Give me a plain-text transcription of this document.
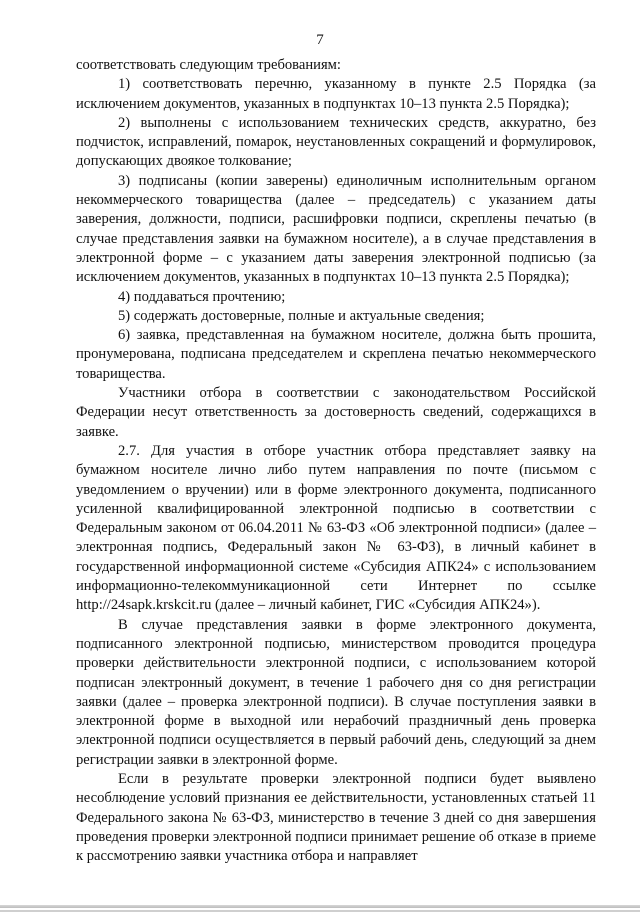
7

соответствовать следующим требованиям:

1) соответствовать перечню, указанному в пункте 2.5 Порядка (за исключением документов, указанных в подпунктах 10–13 пункта 2.5 Порядка);

2) выполнены с использованием технических средств, аккуратно, без подчисток, исправлений, помарок, неустановленных сокращений и формулировок, допускающих двоякое толкование;

3) подписаны (копии заверены) единоличным исполнительным органом некоммерческого товарищества (далее – председатель) с указанием даты заверения, должности, подписи, расшифровки подписи, скреплены печатью (в случае представления заявки на бумажном носителе), а в случае представления в электронной форме – с указанием даты заверения электронной подписью (за исключением документов, указанных в подпунктах 10–13 пункта 2.5 Порядка);

4) поддаваться прочтению;

5) содержать достоверные, полные и актуальные сведения;

6) заявка, представленная на бумажном носителе, должна быть прошита, пронумерована, подписана председателем и скреплена печатью некоммерческого товарищества.

Участники отбора в соответствии с законодательством Российской Федерации несут ответственность за достоверность сведений, содержащихся в заявке.

2.7. Для участия в отборе участник отбора представляет заявку на бумажном носителе лично либо путем направления по почте (письмом с уведомлением о вручении) или в форме электронного документа, подписанного усиленной квалифицированной электронной подписью в соответствии с Федеральным законом от 06.04.2011 № 63-ФЗ «Об электронной подписи» (далее – электронная подпись, Федеральный закон № 63-ФЗ), в личный кабинет в государственной информационной системе «Субсидия АПК24» с использованием информационно-телекоммуникационной сети Интернет по ссылке http://24sapk.krskcit.ru (далее – личный кабинет, ГИС «Субсидия АПК24»).

В случае представления заявки в форме электронного документа, подписанного электронной подписью, министерством проводится процедура проверки действительности электронной подписи, с использованием которой подписан электронный документ, в течение 1 рабочего дня со дня регистрации заявки (далее – проверка электронной подписи). В случае поступления заявки в электронной форме в выходной или нерабочий праздничный день проверка электронной подписи осуществляется в первый рабочий день, следующий за днем регистрации заявки в электронной форме.

Если в результате проверки электронной подписи будет выявлено несоблюдение условий признания ее действительности, установленных статьей 11 Федерального закона № 63-ФЗ, министерство в течение 3 дней со дня завершения проведения проверки электронной подписи принимает решение об отказе в приеме к рассмотрению заявки участника отбора и направляет
